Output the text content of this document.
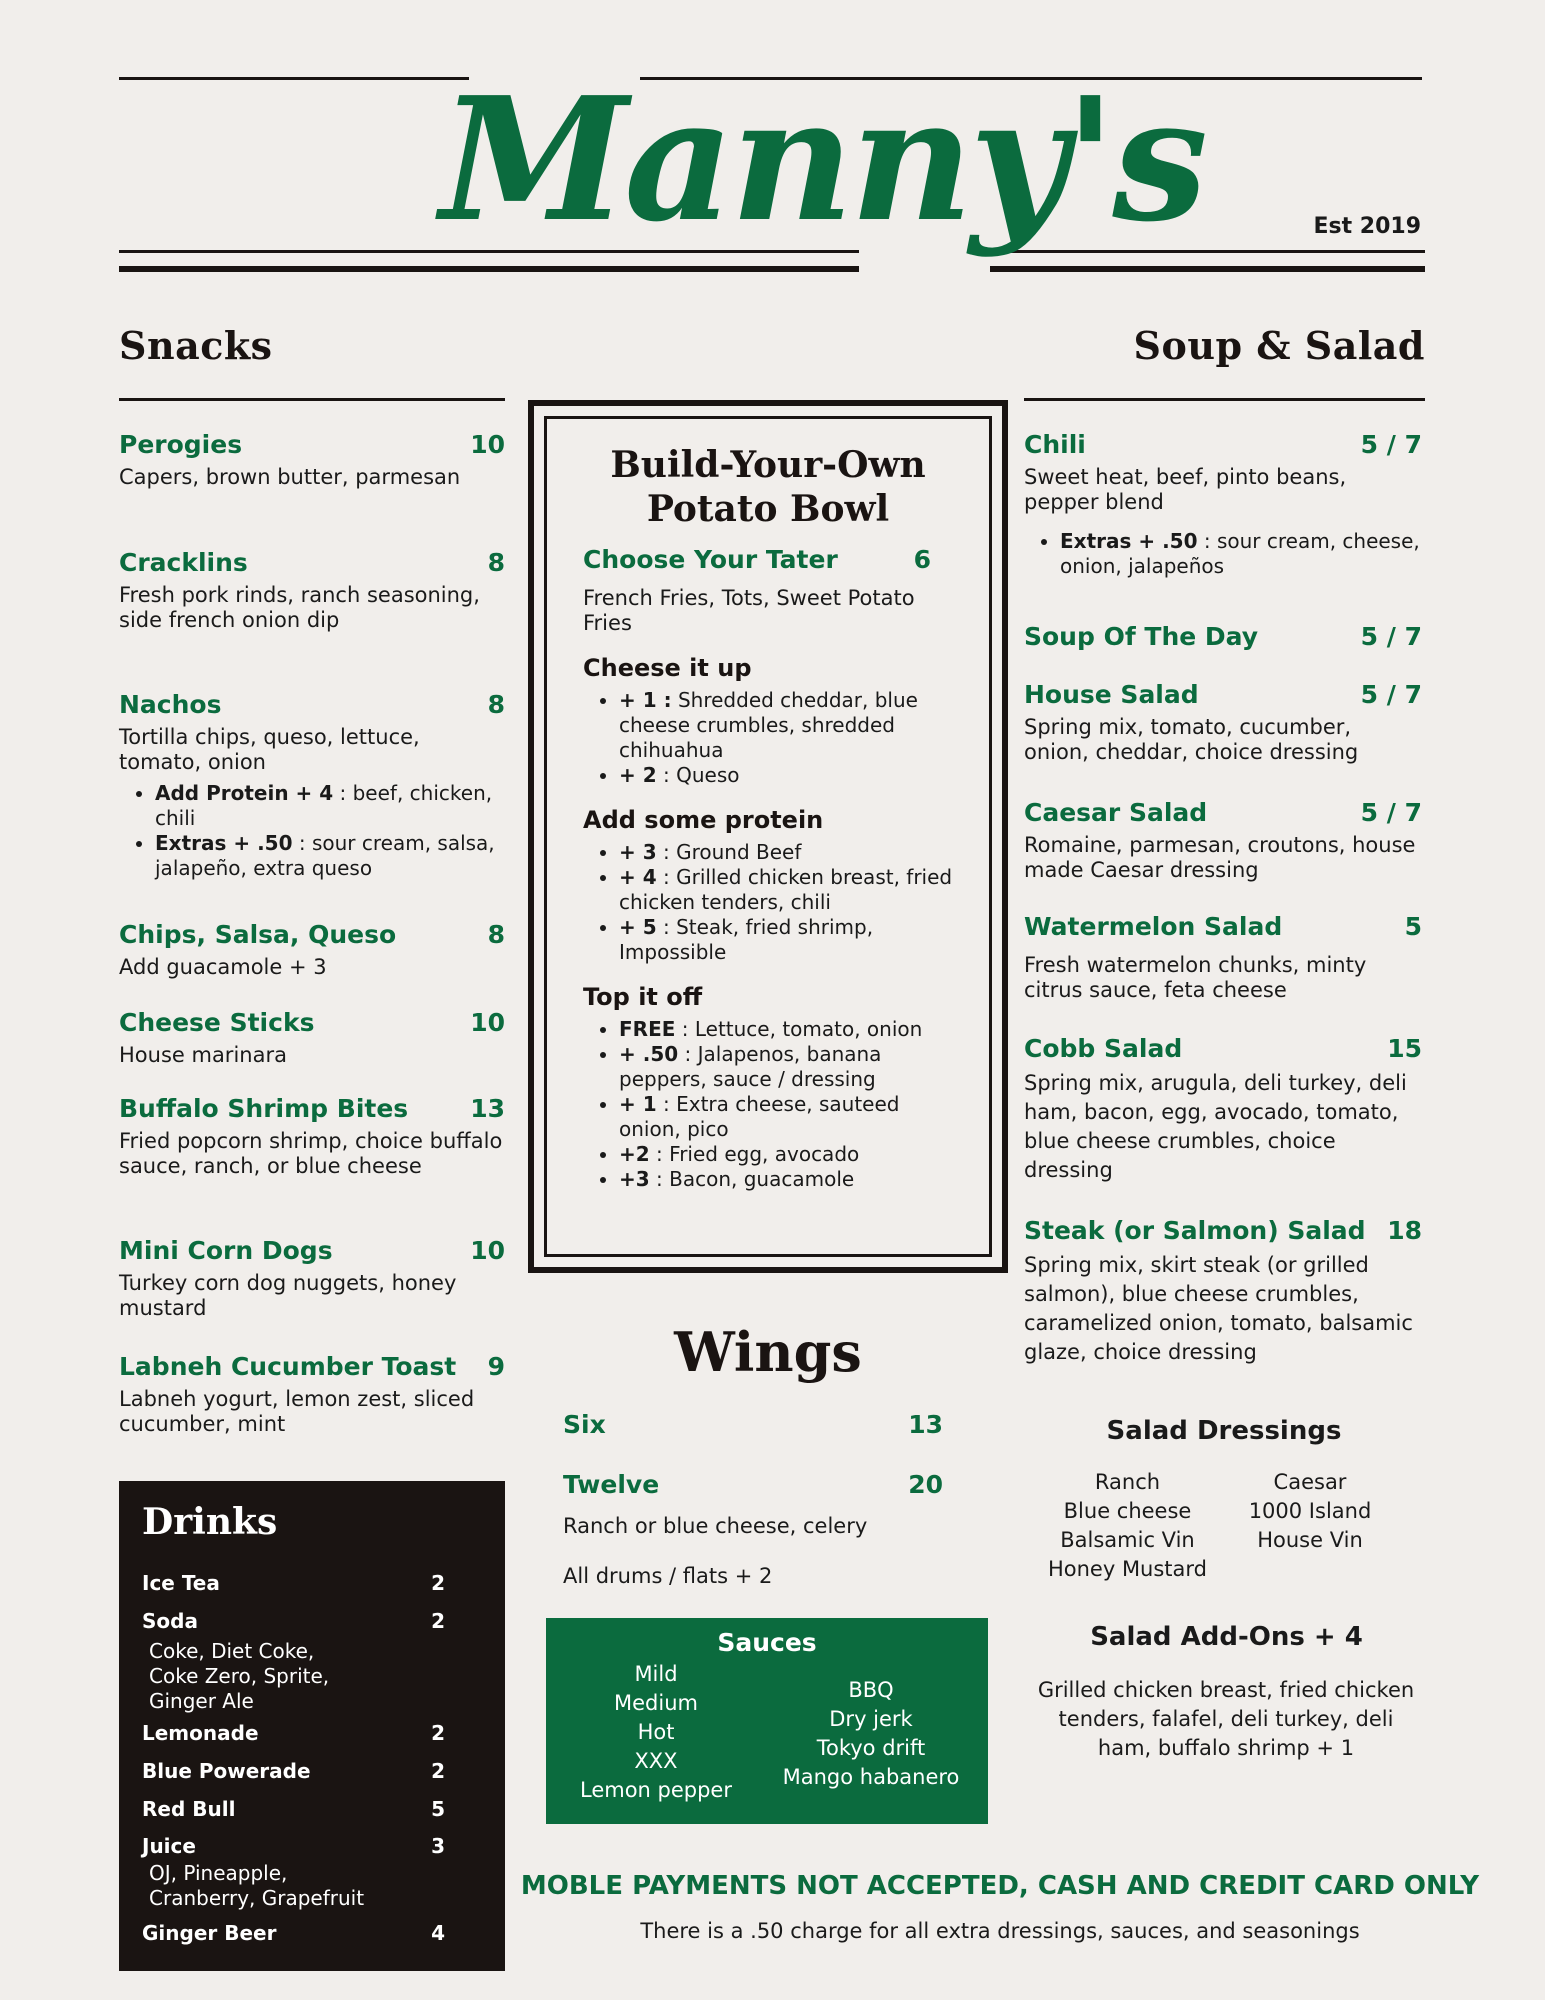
Manny's	Est 2019
Snacks	Soup & Salad
Perogies	10
Capers, brown butter, parmesan
Cracklins	8
Fresh pork rinds, ranch seasoning, side french onion dip
Nachos	8
Tortilla chips, queso, lettuce, tomato, onion
• Add Protein + 4 : beef, chicken, chili
• Extras + .50 : sour cream, salsa, jalapeño, extra queso
Chips, Salsa, Queso	8
Add guacamole + 3
Cheese Sticks	10
House marinara
Buffalo Shrimp Bites	13
Fried popcorn shrimp, choice buffalo sauce, ranch, or blue cheese
Mini Corn Dogs	10
Turkey corn dog nuggets, honey mustard
Labneh Cucumber Toast	9
Labneh yogurt, lemon zest, sliced cucumber, mint
Drinks
Ice Tea	2
Soda	2
Coke, Diet Coke,
Coke Zero, Sprite,
Ginger Ale
Lemonade	2
Blue Powerade	2
Red Bull	5
Juice	3
OJ, Pineapple,
Cranberry, Grapefruit
Ginger Beer	4
Build-Your-Own
Potato Bowl
Choose Your Tater	6
French Fries, Tots, Sweet Potato Fries
Cheese it up
• + 1 : Shredded cheddar, blue cheese crumbles, shredded chihuahua
• + 2 : Queso
Add some protein
• + 3 : Ground Beef
• + 4 : Grilled chicken breast, fried chicken tenders, chili
• + 5 : Steak, fried shrimp, Impossible
Top it off
• FREE : Lettuce, tomato, onion
• + .50 : Jalapenos, banana peppers, sauce / dressing
• + 1 : Extra cheese, sauteed onion, pico
• +2 : Fried egg, avocado
• +3 : Bacon, guacamole
Wings
Six	13
Twelve	20
Ranch or blue cheese, celery
All drums / flats + 2
Sauces
Mild
Medium
Hot
XXX
Lemon pepper
BBQ
Dry jerk
Tokyo drift
Mango habanero
Chili	5 / 7
Sweet heat, beef, pinto beans, pepper blend
• Extras + .50 : sour cream, cheese, onion, jalapeños
Soup Of The Day	5 / 7
House Salad	5 / 7
Spring mix, tomato, cucumber, onion, cheddar, choice dressing
Caesar Salad	5 / 7
Romaine, parmesan, croutons, house made Caesar dressing
Watermelon Salad	5
Fresh watermelon chunks, minty citrus sauce, feta cheese
Cobb Salad	15
Spring mix, arugula, deli turkey, deli ham, bacon, egg, avocado, tomato, blue cheese crumbles, choice dressing
Steak (or Salmon) Salad 18
Spring mix, skirt steak (or grilled salmon), blue cheese crumbles, caramelized onion, tomato, balsamic glaze, choice dressing
Salad Dressings
Ranch
Blue cheese
Balsamic Vin
Honey Mustard
Caesar
1000 Island
House Vin
Salad Add-Ons + 4
Grilled chicken breast, fried chicken tenders, falafel, deli turkey, deli ham, buffalo shrimp + 1
MOBLE PAYMENTS NOT ACCEPTED, CASH AND CREDIT CARD ONLY
There is a .50 charge for all extra dressings, sauces, and seasonings
